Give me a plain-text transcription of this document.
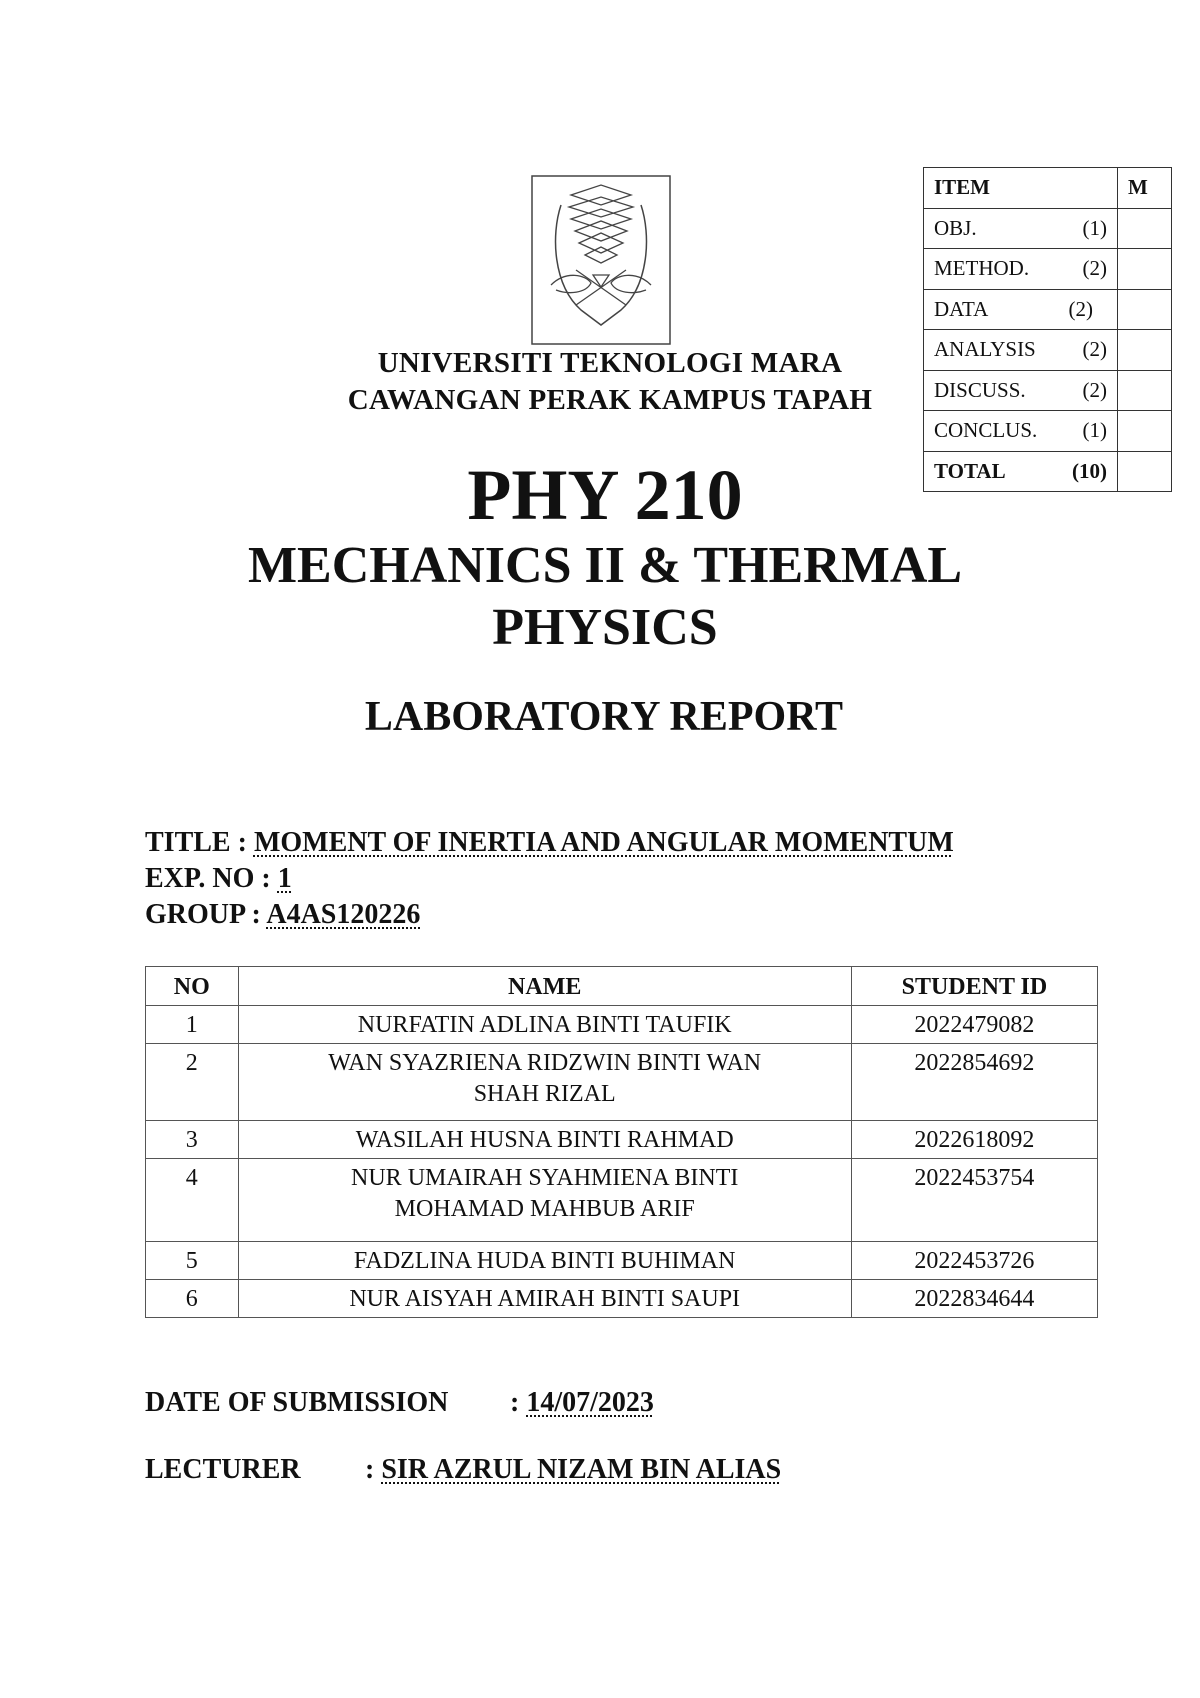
UNIVERSITI TEKNOLOGI MARA
CAWANGAN PERAK KAMPUS TAPAH
ITEM	M

OBJ. (1)	

METHOD. (2)	

DATA (2)	

ANALYSIS (2)	

DISCUSS. (2)	

CONCLUS. (1)	

TOTAL (10)	

PHY 210
MECHANICS II & THERMAL PHYSICS
LABORATORY REPORT
TITLE : MOMENT OF INERTIA AND ANGULAR MOMENTUM
EXP. NO : 1
GROUP : A4AS120226
NO	NAME	STUDENT ID
1	NURFATIN ADLINA BINTI TAUFIK	2022479082
2	WAN SYAZRIENA RIDZWIN BINTI WAN
SHAH RIZAL	2022854692
3	WASILAH HUSNA BINTI RAHMAD	2022618092
4	NUR UMAIRAH SYAHMIENA BINTI
MOHAMAD MAHBUB ARIF	2022453754
5	FADZLINA HUDA BINTI BUHIMAN	2022453726
6	NUR AISYAH AMIRAH BINTI SAUPI	2022834644
DATE OF SUBMISSION : 14/07/2023
LECTURER : SIR AZRUL NIZAM BIN ALIAS
